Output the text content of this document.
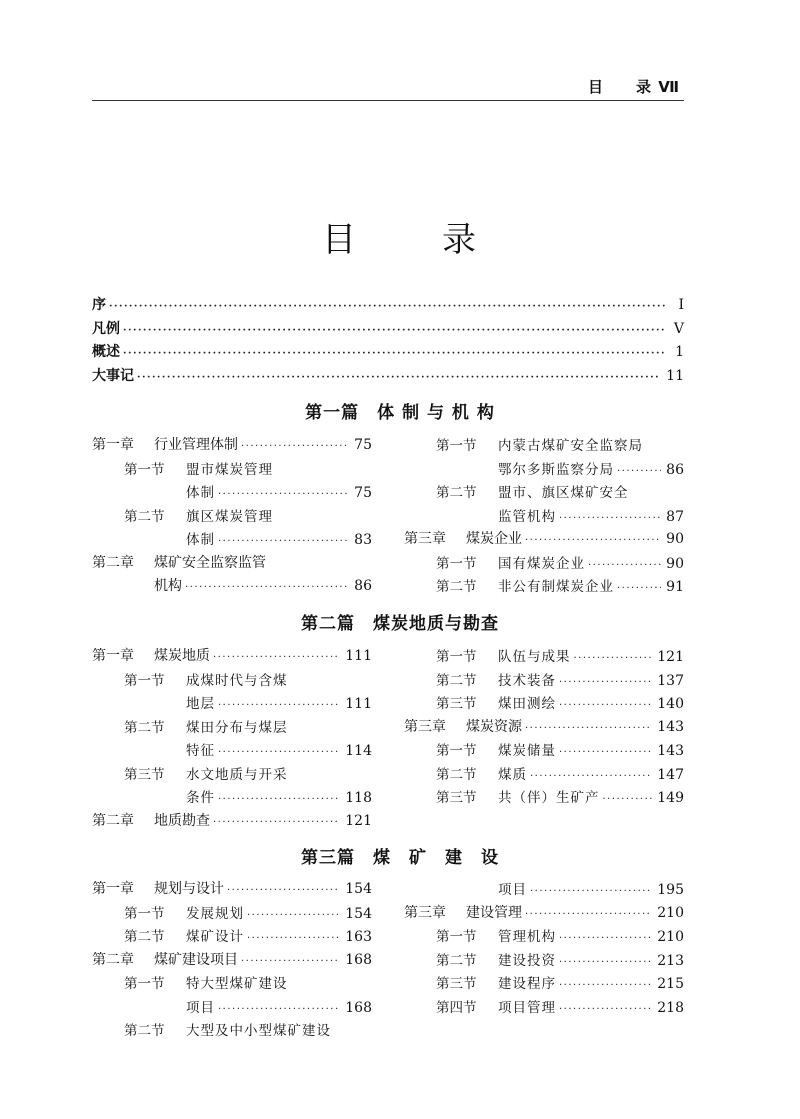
目　　录 Ⅶ
目 录
序 ·····	Ⅰ
凡例 ·····	Ⅴ
概述 ·····	1
大事记 ·····	11
第一篇　体 制 与 机 构
第一章	行业管理体制 ·····	75
第一节	盟市煤炭管理
体制 ·····	75
第二节	旗区煤炭管理
体制 ·····	83
第二章	煤矿安全监察监管
机构 ·····	86
第一节	内蒙古煤矿安全监察局
鄂尔多斯监察分局 ·····	86
第二节	盟市、旗区煤矿安全
监管机构 ·····	87
第三章	煤炭企业 ·····	90
第一节	国有煤炭企业 ·····	90
第二节	非公有制煤炭企业 ·····	91
第二篇　煤炭地质与勘查
第一章	煤炭地质 ·····	111
第一节	成煤时代与含煤
地层 ·····	111
第二节	煤田分布与煤层
特征 ·····	114
第三节	水文地质与开采
条件 ·····	118
第二章	地质勘查 ·····	121
第一节	队伍与成果 ·····	121
第二节	技术装备 ·····	137
第三节	煤田测绘 ·····	140
第三章	煤炭资源 ·····	143
第一节	煤炭储量 ·····	143
第二节	煤质 ·····	147
第三节	共（伴）生矿产 ·····	149
第三篇　煤　矿　建　设
第一章	规划与设计 ·····	154
第一节	发展规划 ·····	154
第二节	煤矿设计 ·····	163
第二章	煤矿建设项目 ·····	168
第一节	特大型煤矿建设
项目 ·····	168
第二节	大型及中小型煤矿建设
项目 ·····	195
第三章	建设管理 ·····	210
第一节	管理机构 ·····	210
第二节	建设投资 ·····	213
第三节	建设程序 ·····	215
第四节	项目管理 ·····	218
